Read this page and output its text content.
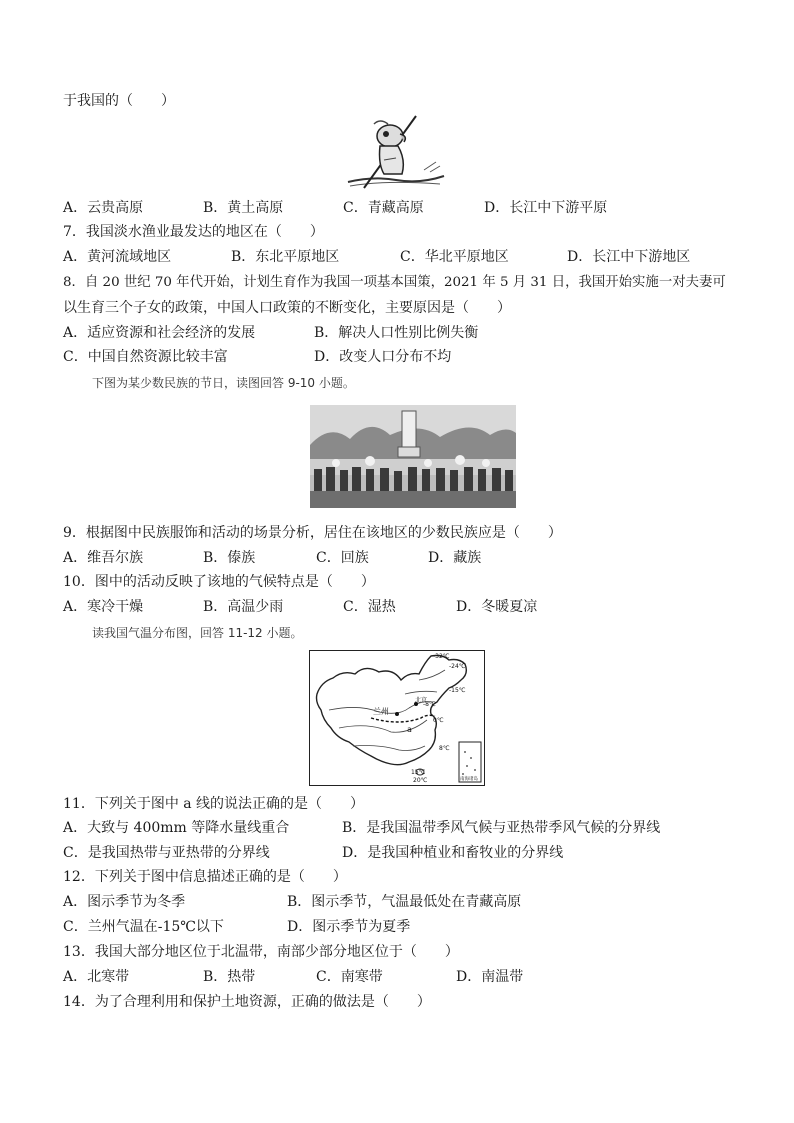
于我国的（　　）
A．云贵高原	B．黄土高原	C．青藏高原	D．长江中下游平原
7．我国淡水渔业最发达的地区在（　　）
A．黄河流域地区	B．东北平原地区	C．华北平原地区	D．长江中下游地区
8．自 20 世纪 70 年代开始，计划生育作为我国一项基本国策，2021 年 5 月 31 日，我国开始实施一对夫妻可
以生育三个子女的政策，中国人口政策的不断变化，主要原因是（　　）
A．适应资源和社会经济的发展	B．解决人口性别比例失衡
C．中国自然资源比较丰富	D．改变人口分布不均
下图为某少数民族的节日，读图回答 9-10 小题。
9．根据图中民族服饰和活动的场景分析，居住在该地区的少数民族应是（　　）
A．维吾尔族	B．傣族	C．回族	D．藏族
10．图中的活动反映了该地的气候特点是（　　）
A．寒冷干燥	B．高温少雨	C．湿热	D．冬暖夏凉
读我国气温分布图，回答 11-12 小题。
-32℃
-24℃
-15℃
-8℃
0℃
兰州
北京
a
8℃
15℃
20℃	南海诸岛
11．下列关于图中 a 线的说法正确的是（　　）
A．大致与 400mm 等降水量线重合	B．是我国温带季风气候与亚热带季风气候的分界线
C．是我国热带与亚热带的分界线	D．是我国种植业和畜牧业的分界线
12．下列关于图中信息描述正确的是（　　）
A．图示季节为冬季	B．图示季节，气温最低处在青藏高原
C．兰州气温在-15℃以下	D．图示季节为夏季
13．我国大部分地区位于北温带，南部少部分地区位于（　　）
A．北寒带	B．热带	C．南寒带	D．南温带
14．为了合理利用和保护土地资源，正确的做法是（　　）
